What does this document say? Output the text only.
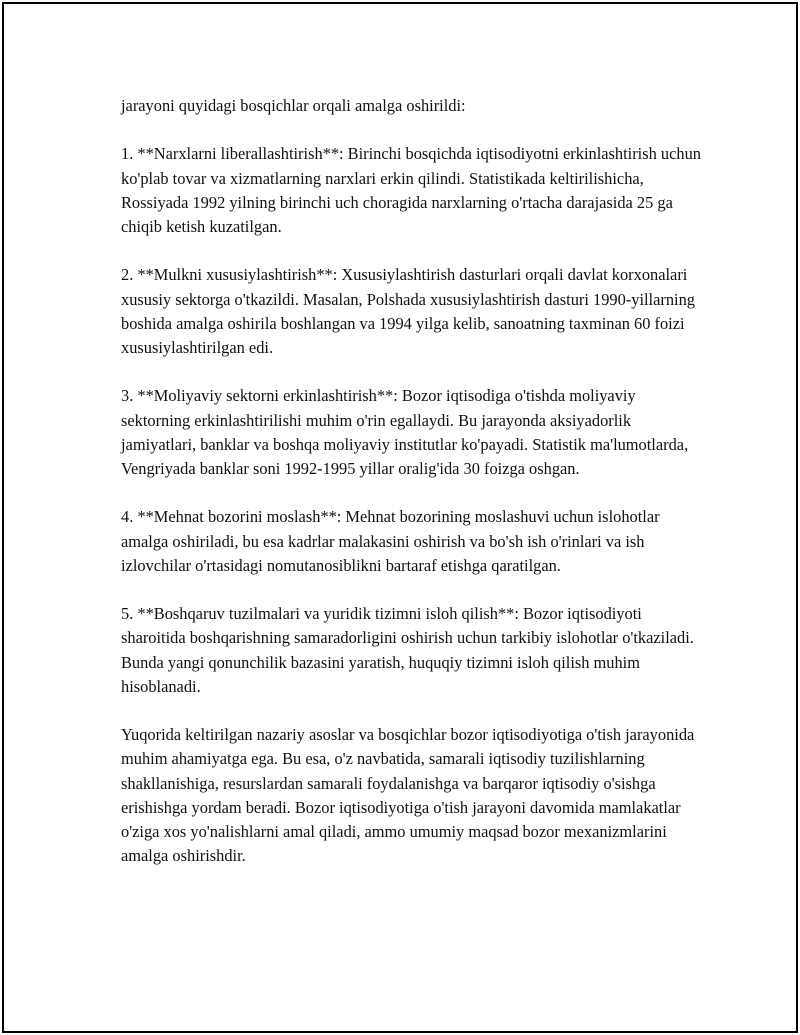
jarayoni quyidagi bosqichlar orqali amalga oshirildi:

1. **Narxlarni liberallashtirish**: Birinchi bosqichda iqtisodiyotni erkinlashtirish uchun ko'plab tovar va xizmatlarning narxlari erkin qilindi. Statistikada keltirilishicha, Rossiyada 1992 yilning birinchi uch choragida narxlarning o'rtacha darajasida 25 ga chiqib ketish kuzatilgan.

2. **Mulkni xususiylashtirish**: Xususiylashtirish dasturlari orqali davlat korxonalari xususiy sektorga o'tkazildi. Masalan, Polshada xususiylashtirish dasturi 1990-yillarning boshida amalga oshirila boshlangan va 1994 yilga kelib, sanoatning taxminan 60 foizi xususiylashtirilgan edi.

3. **Moliyaviy sektorni erkinlashtirish**: Bozor iqtisodiga o'tishda moliyaviy sektorning erkinlashtirilishi muhim o'rin egallaydi. Bu jarayonda aksiyadorlik jamiyatlari, banklar va boshqa moliyaviy institutlar ko'payadi. Statistik ma'lumotlarda, Vengriyada banklar soni 1992-1995 yillar oralig'ida 30 foizga oshgan.

4. **Mehnat bozorini moslash**: Mehnat bozorining moslashuvi uchun islohotlar amalga oshiriladi, bu esa kadrlar malakasini oshirish va bo'sh ish o'rinlari va ish izlovchilar o'rtasidagi nomutanosiblikni bartaraf etishga qaratilgan.

5. **Boshqaruv tuzilmalari va yuridik tizimni isloh qilish**: Bozor iqtisodiyoti sharoitida boshqarishning samaradorligini oshirish uchun tarkibiy islohotlar o'tkaziladi. Bunda yangi qonunchilik bazasini yaratish, huquqiy tizimni isloh qilish muhim hisoblanadi.

Yuqorida keltirilgan nazariy asoslar va bosqichlar bozor iqtisodiyotiga o'tish jarayonida muhim ahamiyatga ega. Bu esa, o'z navbatida, samarali iqtisodiy tuzilishlarning shakllanishiga, resurslardan samarali foydalanishga va barqaror iqtisodiy o'sishga erishishga yordam beradi. Bozor iqtisodiyotiga o'tish jarayoni davomida mamlakatlar o'ziga xos yo'nalishlarni amal qiladi, ammo umumiy maqsad bozor mexanizmlarini amalga oshirishdir.
